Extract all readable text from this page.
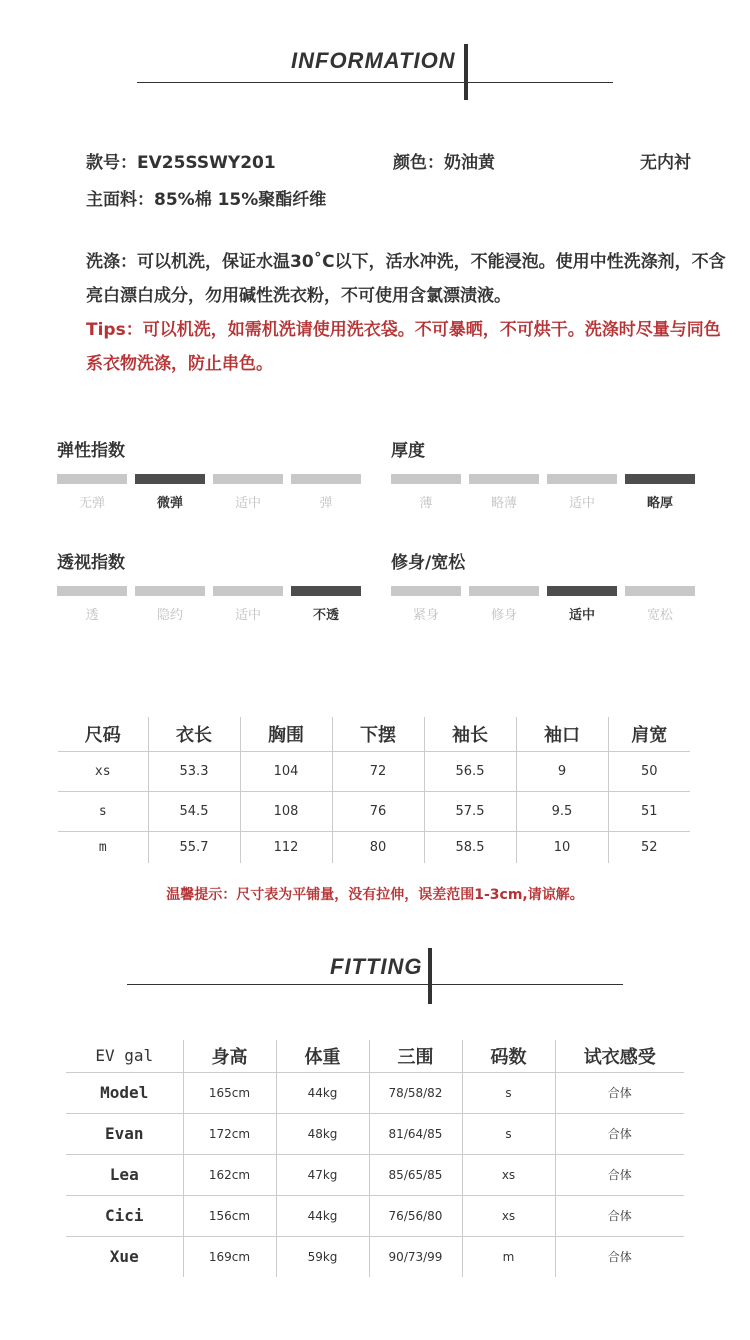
INFORMATION
款号：EV25SSWY201	颜色：奶油黄	无内衬
主面料：85%棉 15%聚酯纤维
洗涤：可以机洗，保证水温30˚C以下，活水冲洗，不能浸泡。使用中性洗涤剂，不含亮白漂白成分，勿用碱性洗衣粉，不可使用含氯漂渍液。
Tips：可以机洗，如需机洗请使用洗衣袋。不可暴晒，不可烘干。洗涤时尽量与同色系衣物洗涤，防止串色。
弹性指数
无弹	微弹	适中	弹
厚度
薄	略薄	适中	略厚
透视指数
透	隐约	适中	不透
修身/宽松
紧身	修身	适中	宽松
尺码	衣长	胸围	下摆	袖长	袖口	肩宽
xs	53.3	104	72	56.5	9	50
s	54.5	108	76	57.5	9.5	51
m	55.7	112	80	58.5	10	52
温馨提示：尺寸表为平铺量，没有拉伸，误差范围1-3cm,请谅解。
FITTING
EV gal	身高	体重	三围	码数	试衣感受
Model	165cm	44kg	78/58/82	s	合体
Evan	172cm	48kg	81/64/85	s	合体
Lea	162cm	47kg	85/65/85	xs	合体
Cici	156cm	44kg	76/56/80	xs	合体
Xue	169cm	59kg	90/73/99	m	合体
